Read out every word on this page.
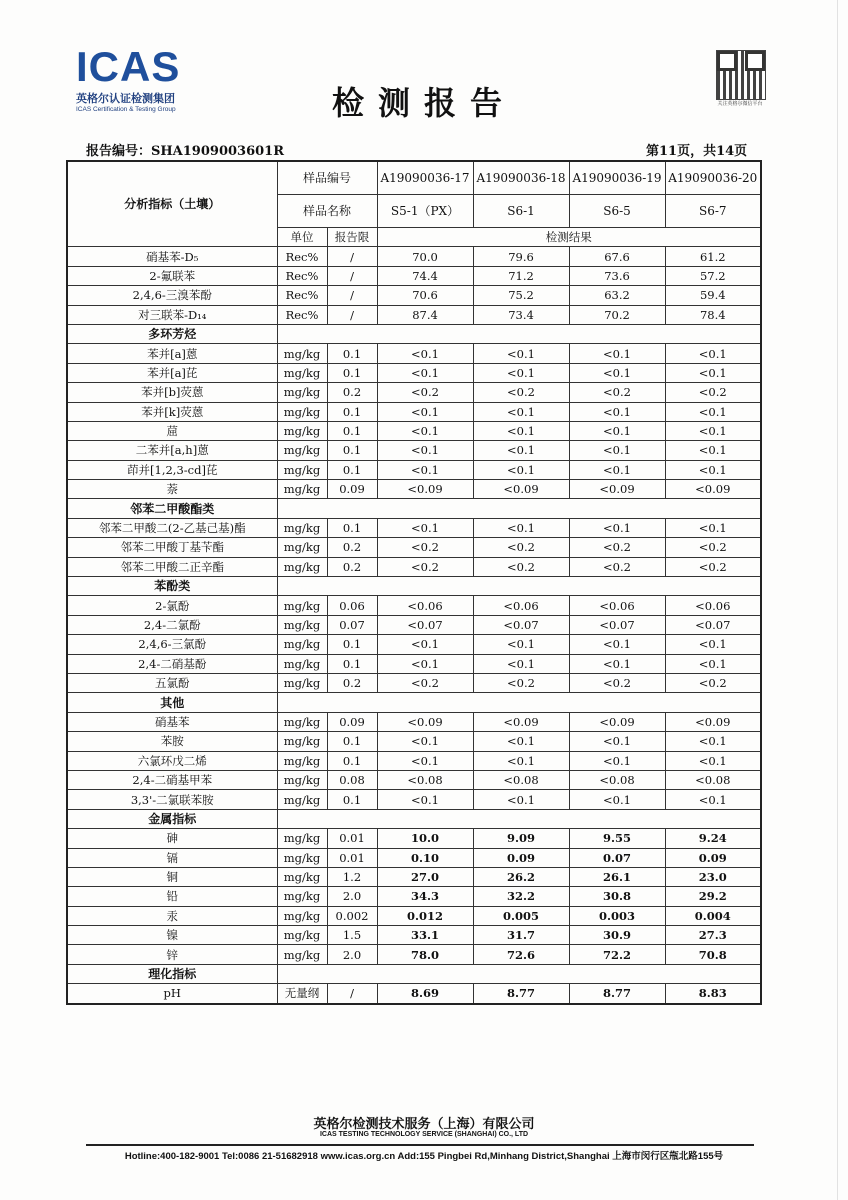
ICAS
英格尔认证检测集团
ICAS Certification & Testing Group	检测报告	关注英格尔微信平台
报告编号：SHA1909003601R	第11页，共14页
分析指标（土壤）	样品编号		A19090036-17	A19090036-18	A19090036-19	A19090036-20
	样品名称		S5-1（PX）	S6-1	S6-5	S6-7
	单位	报告限	检测结果			
硝基苯-D₅	Rec%	/	70.0	79.6	67.6	61.2
2-氟联苯	Rec%	/	74.4	71.2	73.6	57.2
2,4,6-三溴苯酚	Rec%	/	70.6	75.2	63.2	59.4
对三联苯-D₁₄	Rec%	/	87.4	73.4	70.2	78.4
多环芳烃						
苯并[a]蒽	mg/kg	0.1	<0.1	<0.1	<0.1	<0.1
苯并[a]芘	mg/kg	0.1	<0.1	<0.1	<0.1	<0.1
苯并[b]荧蒽	mg/kg	0.2	<0.2	<0.2	<0.2	<0.2
苯并[k]荧蒽	mg/kg	0.1	<0.1	<0.1	<0.1	<0.1
䓛	mg/kg	0.1	<0.1	<0.1	<0.1	<0.1
二苯并[a,h]蒽	mg/kg	0.1	<0.1	<0.1	<0.1	<0.1
茚并[1,2,3-cd]芘	mg/kg	0.1	<0.1	<0.1	<0.1	<0.1
萘	mg/kg	0.09	<0.09	<0.09	<0.09	<0.09
邻苯二甲酸酯类						
邻苯二甲酸二(2-乙基己基)酯	mg/kg	0.1	<0.1	<0.1	<0.1	<0.1
邻苯二甲酸丁基苄酯	mg/kg	0.2	<0.2	<0.2	<0.2	<0.2
邻苯二甲酸二正辛酯	mg/kg	0.2	<0.2	<0.2	<0.2	<0.2
苯酚类						
2-氯酚	mg/kg	0.06	<0.06	<0.06	<0.06	<0.06
2,4-二氯酚	mg/kg	0.07	<0.07	<0.07	<0.07	<0.07
2,4,6-三氯酚	mg/kg	0.1	<0.1	<0.1	<0.1	<0.1
2,4-二硝基酚	mg/kg	0.1	<0.1	<0.1	<0.1	<0.1
五氯酚	mg/kg	0.2	<0.2	<0.2	<0.2	<0.2
其他						
硝基苯	mg/kg	0.09	<0.09	<0.09	<0.09	<0.09
苯胺	mg/kg	0.1	<0.1	<0.1	<0.1	<0.1
六氯环戊二烯	mg/kg	0.1	<0.1	<0.1	<0.1	<0.1
2,4-二硝基甲苯	mg/kg	0.08	<0.08	<0.08	<0.08	<0.08
3,3'-二氯联苯胺	mg/kg	0.1	<0.1	<0.1	<0.1	<0.1
金属指标						
砷	mg/kg	0.01	10.0	9.09	9.55	9.24
镉	mg/kg	0.01	0.10	0.09	0.07	0.09
铜	mg/kg	1.2	27.0	26.2	26.1	23.0
铅	mg/kg	2.0	34.3	32.2	30.8	29.2
汞	mg/kg	0.002	0.012	0.005	0.003	0.004
镍	mg/kg	1.5	33.1	31.7	30.9	27.3
锌	mg/kg	2.0	78.0	72.6	72.2	70.8
理化指标						
pH	无量纲	/	8.69	8.77	8.77	8.83
英格尔检测技术服务（上海）有限公司
ICAS TESTING TECHNOLOGY SERVICE (SHANGHAI) CO., LTD
Hotline:400-182-9001 Tel:0086 21-51682918 www.icas.org.cn Add:155 Pingbei Rd,Minhang District,Shanghai 上海市闵行区甁北路155号
